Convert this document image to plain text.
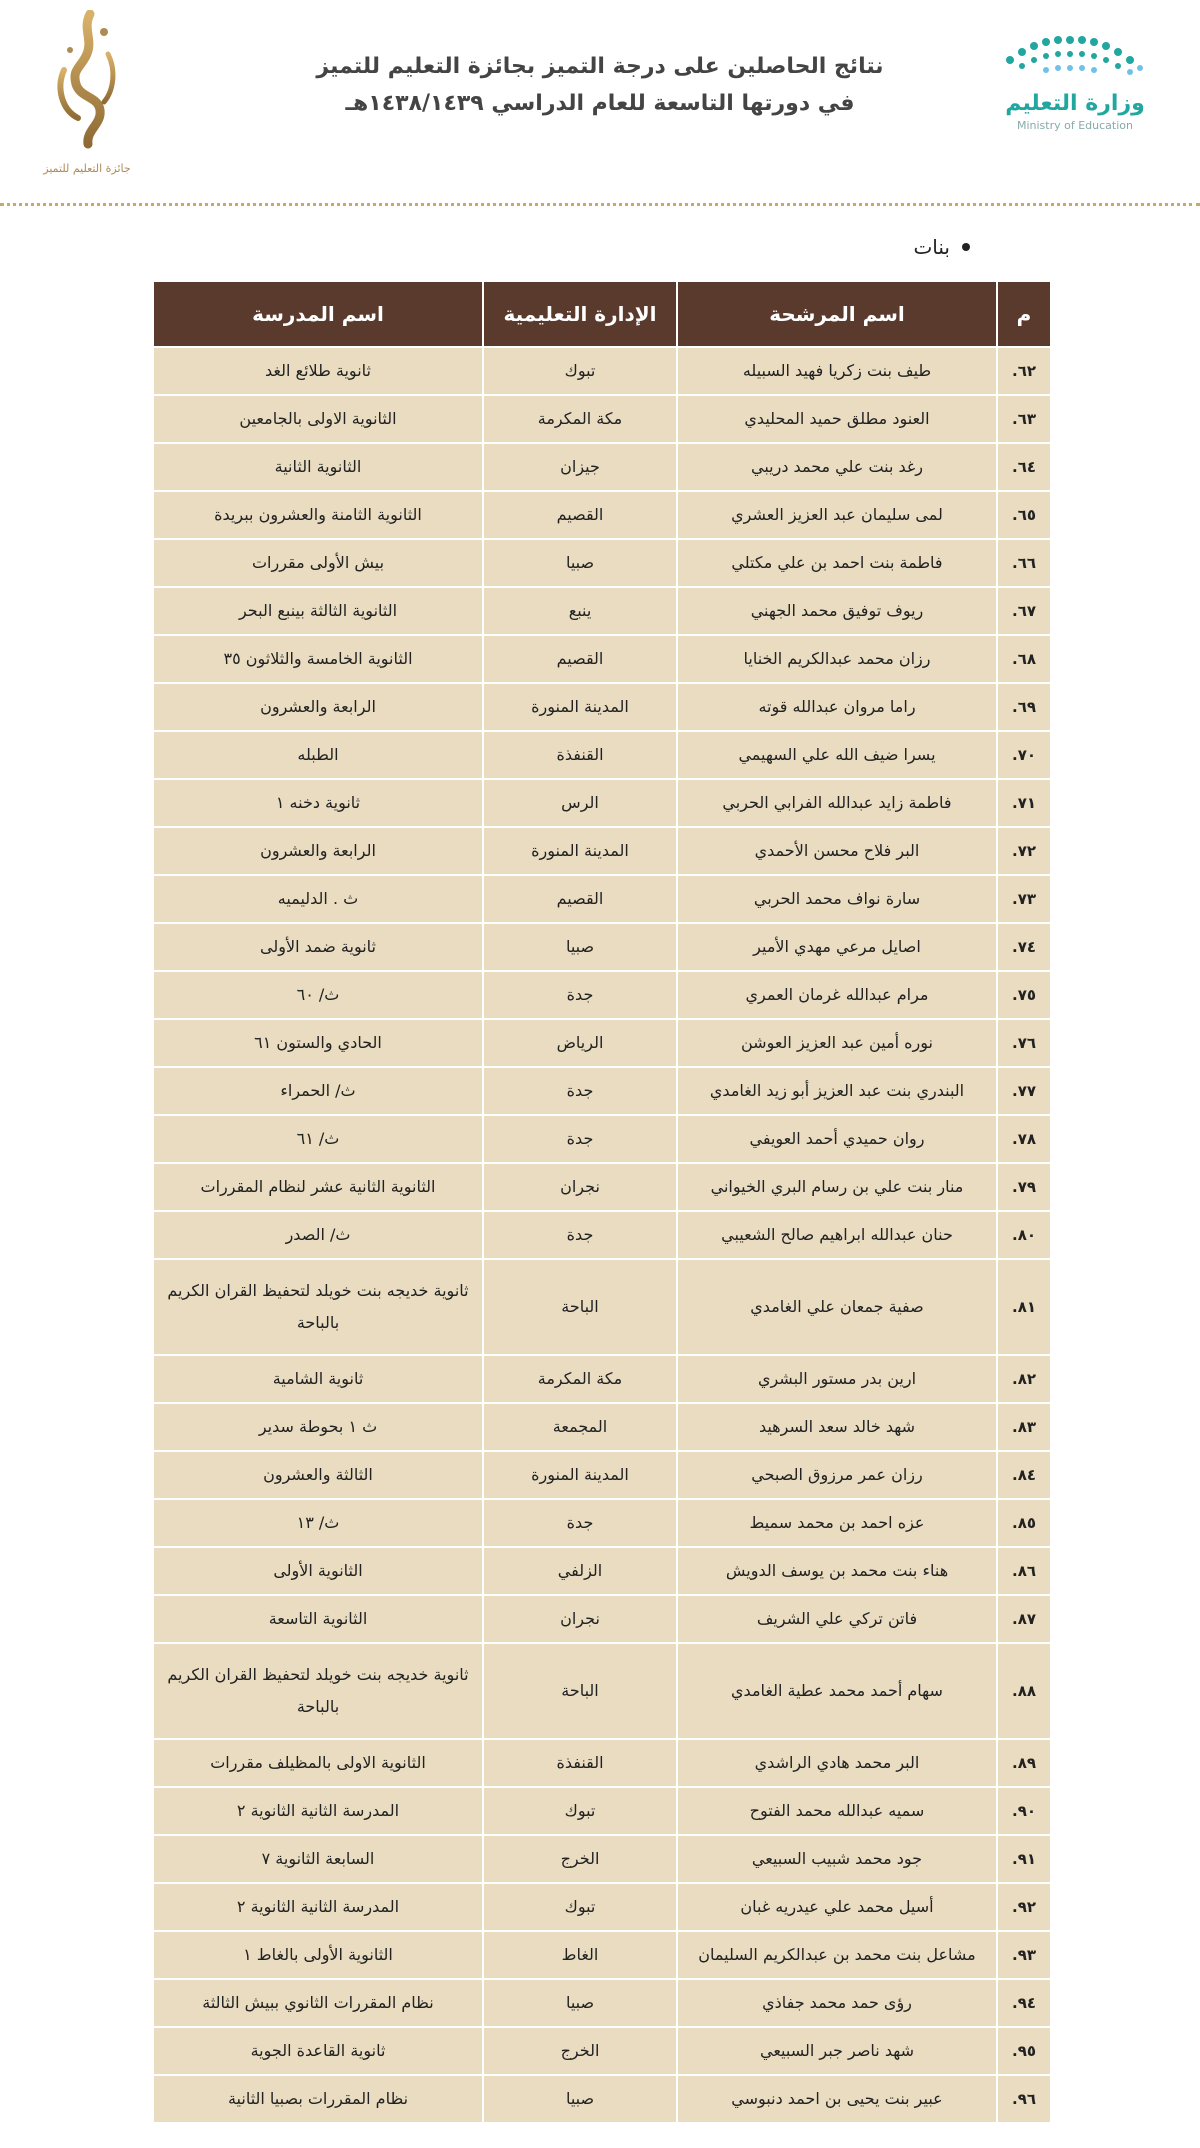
وزارة التعليم
Ministry of Education
نتائج الحاصلين على درجة التميز بجائزة التعليم للتميز
في دورتها التاسعة للعام الدراسي ١٤٣٨/١٤٣٩هـ
جائزة التعليم للتميز
بنات
م	اسم المرشحة	الإدارة التعليمية	اسم المدرسة
٦٢.	طيف بنت زكريا فهيد السبيله	تبوك	ثانوية طلائع الغد
٦٣.	العنود مطلق حميد المحليدي	مكة المكرمة	الثانوية الاولى بالجامعين
٦٤.	رغد بنت علي محمد دريبي	جيزان	الثانوية الثانية
٦٥.	لمى سليمان عبد العزيز العشري	القصيم	الثانوية الثامنة والعشرون ببريدة
٦٦.	فاطمة بنت احمد بن علي مكتلي	صبيا	بيش الأولى مقررات
٦٧.	ريوف توفيق محمد الجهني	ينبع	الثانوية الثالثة بينبع البحر
٦٨.	رزان محمد عبدالكريم الخنايا	القصيم	الثانوية الخامسة والثلاثون ٣٥
٦٩.	راما مروان عبدالله قوته	المدينة المنورة	الرابعة والعشرون
٧٠.	يسرا ضيف الله علي السهيمي	القنفذة	الطبله
٧١.	فاطمة زايد عبدالله الفرابي الحربي	الرس	ثانوية دخنه ١
٧٢.	البر فلاح محسن الأحمدي	المدينة المنورة	الرابعة والعشرون
٧٣.	سارة نواف محمد الحربي	القصيم	ث . الدليميه
٧٤.	اصايل مرعي مهدي الأمير	صبيا	ثانوية ضمد الأولى
٧٥.	مرام عبدالله غرمان العمري	جدة	ث/ ٦٠
٧٦.	نوره أمين عبد العزيز العوشن	الرياض	الحادي والستون ٦١
٧٧.	البندري بنت عبد العزيز أبو زيد الغامدي	جدة	ث/ الحمراء
٧٨.	روان حميدي أحمد العويفي	جدة	ث/ ٦١
٧٩.	منار بنت علي بن رسام البري الخيواني	نجران	الثانوية الثانية عشر لنظام المقررات
٨٠.	حنان عبدالله ابراهيم صالح الشعيبي	جدة	ث/ الصدر
٨١.	صفية جمعان علي الغامدي	الباحة	ثانوية خديجه بنت خويلد لتحفيظ القران الكريم بالباحة
٨٢.	ارين بدر مستور البشري	مكة المكرمة	ثانوية الشامية
٨٣.	شهد خالد سعد السرهيد	المجمعة	ث ١ بحوطة سدير
٨٤.	رزان عمر مرزوق الصبحي	المدينة المنورة	الثالثة والعشرون
٨٥.	عزه احمد بن محمد سميط	جدة	ث/ ١٣
٨٦.	هناء بنت محمد بن يوسف الدويش	الزلفي	الثانوية الأولى
٨٧.	فاتن تركي علي الشريف	نجران	الثانوية التاسعة
٨٨.	سهام أحمد محمد عطية الغامدي	الباحة	ثانوية خديجه بنت خويلد لتحفيظ القران الكريم بالباحة
٨٩.	البر محمد هادي الراشدي	القنفذة	الثانوية الاولى بالمظيلف مقررات
٩٠.	سميه عبدالله محمد الفتوح	تبوك	المدرسة الثانية الثانوية ٢
٩١.	جود محمد شبيب السبيعي	الخرج	السابعة الثانوية ٧
٩٢.	أسيل محمد علي عيدريه غبان	تبوك	المدرسة الثانية الثانوية ٢
٩٣.	مشاعل بنت محمد بن عبدالكريم السليمان	الغاط	الثانوية الأولى بالغاط ١
٩٤.	رؤى حمد محمد جفاذي	صبيا	نظام المقررات الثانوي ببيش الثالثة
٩٥.	شهد ناصر جبر السبيعي	الخرج	ثانوية القاعدة الجوية
٩٦.	عبير بنت يحيى بن احمد دنبوسي	صبيا	نظام المقررات بصبيا الثانية
